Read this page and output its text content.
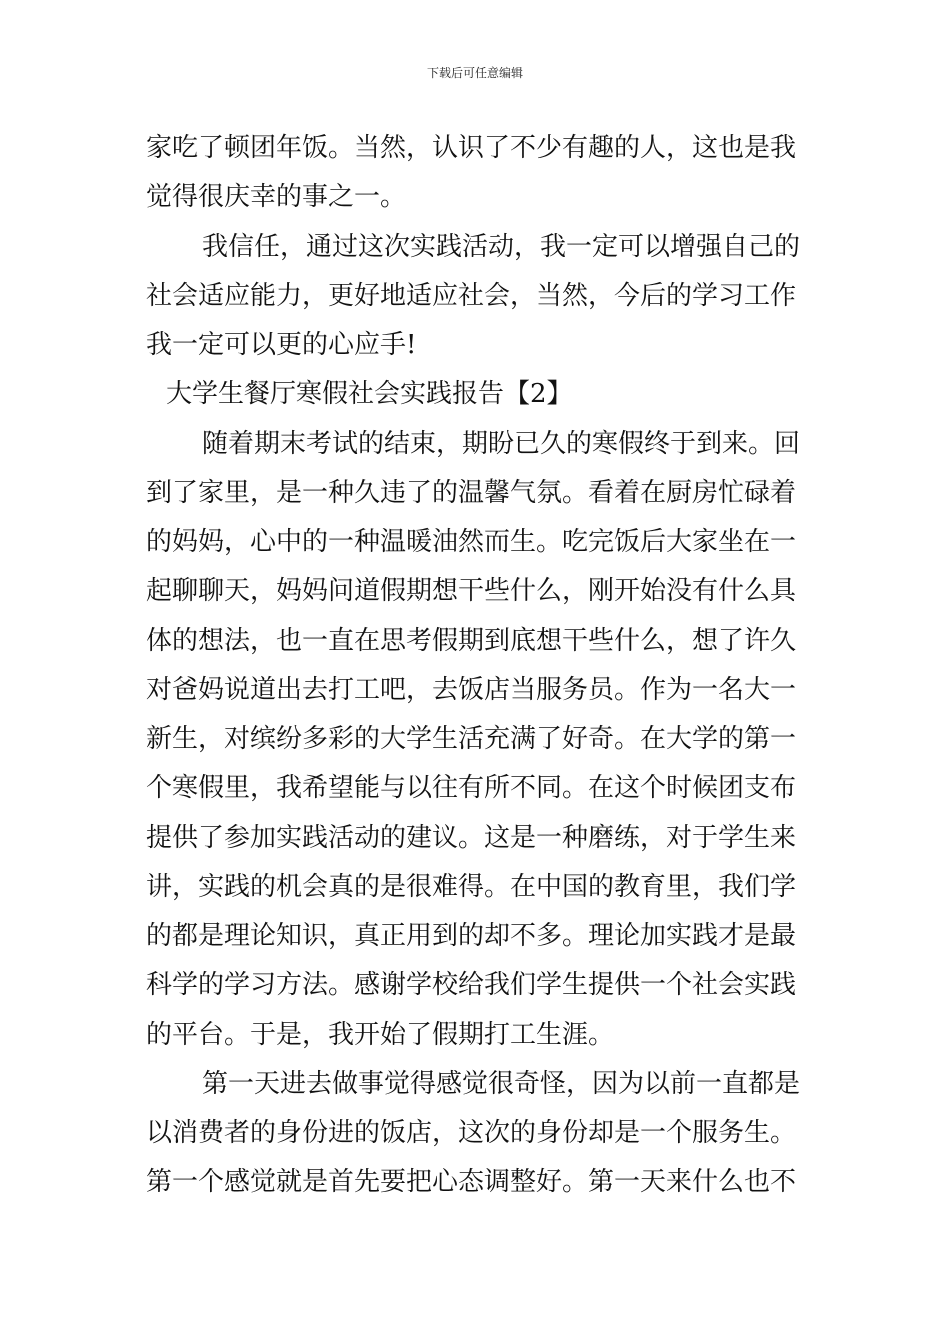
下载后可任意编辑
家吃了顿团年饭。当然，认识了不少有趣的人，这也是我
觉得很庆幸的事之一。
我信任，通过这次实践活动，我一定可以增强自己的
社会适应能力，更好地适应社会，当然，今后的学习工作
我一定可以更的心应手!
大学生餐厅寒假社会实践报告【2】
随着期末考试的结束，期盼已久的寒假终于到来。回
到了家里，是一种久违了的温馨气氛。看着在厨房忙碌着
的妈妈，心中的一种温暖油然而生。吃完饭后大家坐在一
起聊聊天，妈妈问道假期想干些什么，刚开始没有什么具
体的想法，也一直在思考假期到底想干些什么，想了许久
对爸妈说道出去打工吧，去饭店当服务员。作为一名大一
新生，对缤纷多彩的大学生活充满了好奇。在大学的第一
个寒假里，我希望能与以往有所不同。在这个时候团支布
提供了参加实践活动的建议。这是一种磨练，对于学生来
讲，实践的机会真的是很难得。在中国的教育里，我们学
的都是理论知识，真正用到的却不多。理论加实践才是最
科学的学习方法。感谢学校给我们学生提供一个社会实践
的平台。于是，我开始了假期打工生涯。
第一天进去做事觉得感觉很奇怪，因为以前一直都是
以消费者的身份进的饭店，这次的身份却是一个服务生。
第一个感觉就是首先要把心态调整好。第一天来什么也不
